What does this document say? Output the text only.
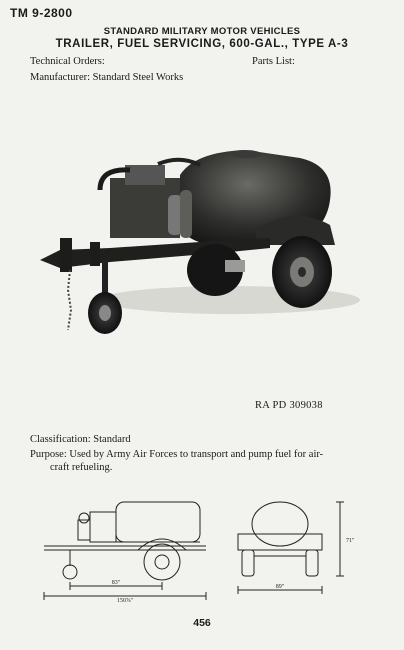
TM 9-2800
STANDARD MILITARY MOTOR VEHICLES
TRAILER, FUEL SERVICING, 600-GAL., TYPE A-3
Technical Orders:	Parts List:
Manufacturer: Standard Steel Works
RA PD 309038
Classification: Standard
Purpose: Used by Army Air Forces to transport and pump fuel for air-
craft refueling.
83"
150⅞"
71"
89"
456
